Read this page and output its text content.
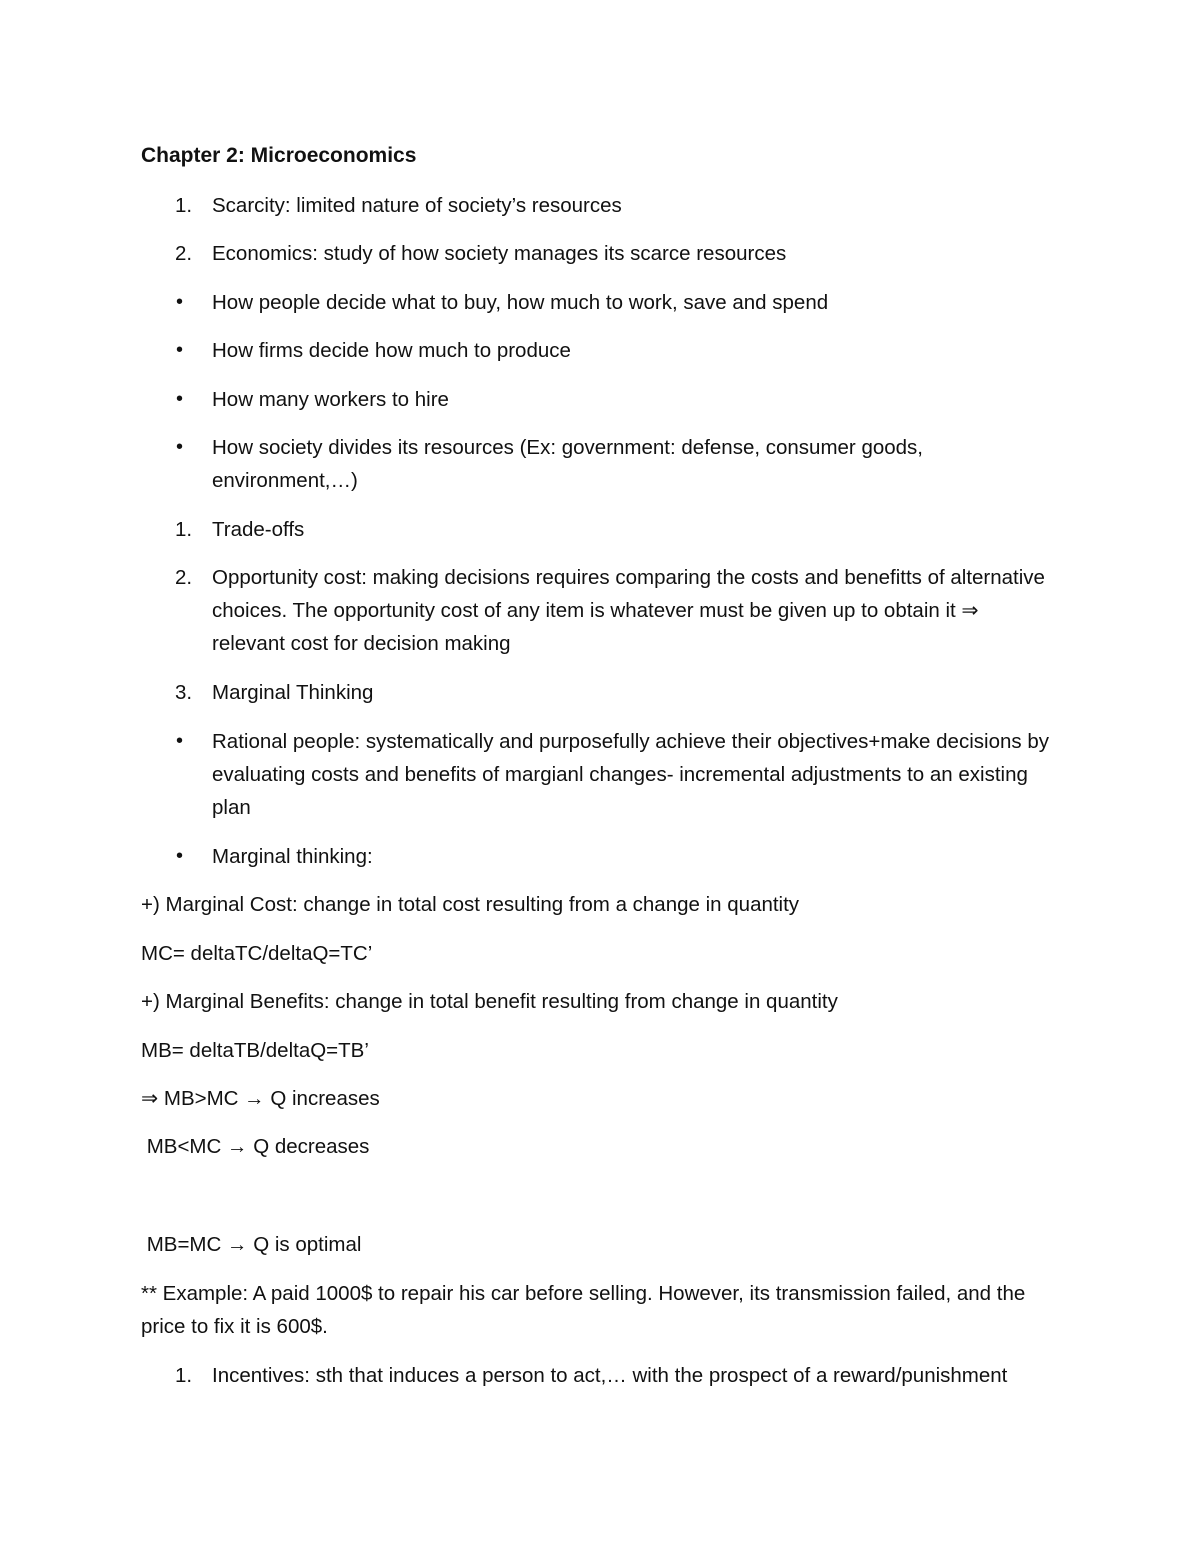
Chapter 2: Microeconomics
1. Scarcity: limited nature of society’s resources
2. Economics: study of how society manages its scarce resources
• How people decide what to buy, how much to work, save and spend
• How firms decide how much to produce
• How many workers to hire
• How society divides its resources (Ex: government: defense, consumer goods, environment,…)
1. Trade-offs
2. Opportunity cost: making decisions requires comparing the costs and benefitts of alternative choices. The opportunity cost of any item is whatever must be given up to obtain it ⇒ relevant cost for decision making
3. Marginal Thinking
• Rational people: systematically and purposefully achieve their objectives+make decisions by evaluating costs and benefits of margianl changes- incremental adjustments to an existing plan
• Marginal thinking:
+) Marginal Cost: change in total cost resulting from a change in quantity
MC= deltaTC/deltaQ=TC’
+) Marginal Benefits: change in total benefit resulting from change in quantity
MB= deltaTB/deltaQ=TB’
⇒ MB>MC → Q increases
MB<MC → Q decreases
MB=MC → Q is optimal
** Example: A paid 1000$ to repair his car before selling. However, its transmission failed, and the price to fix it is 600$.
1. Incentives: sth that induces a person to act,… with the prospect of a reward/punishment
